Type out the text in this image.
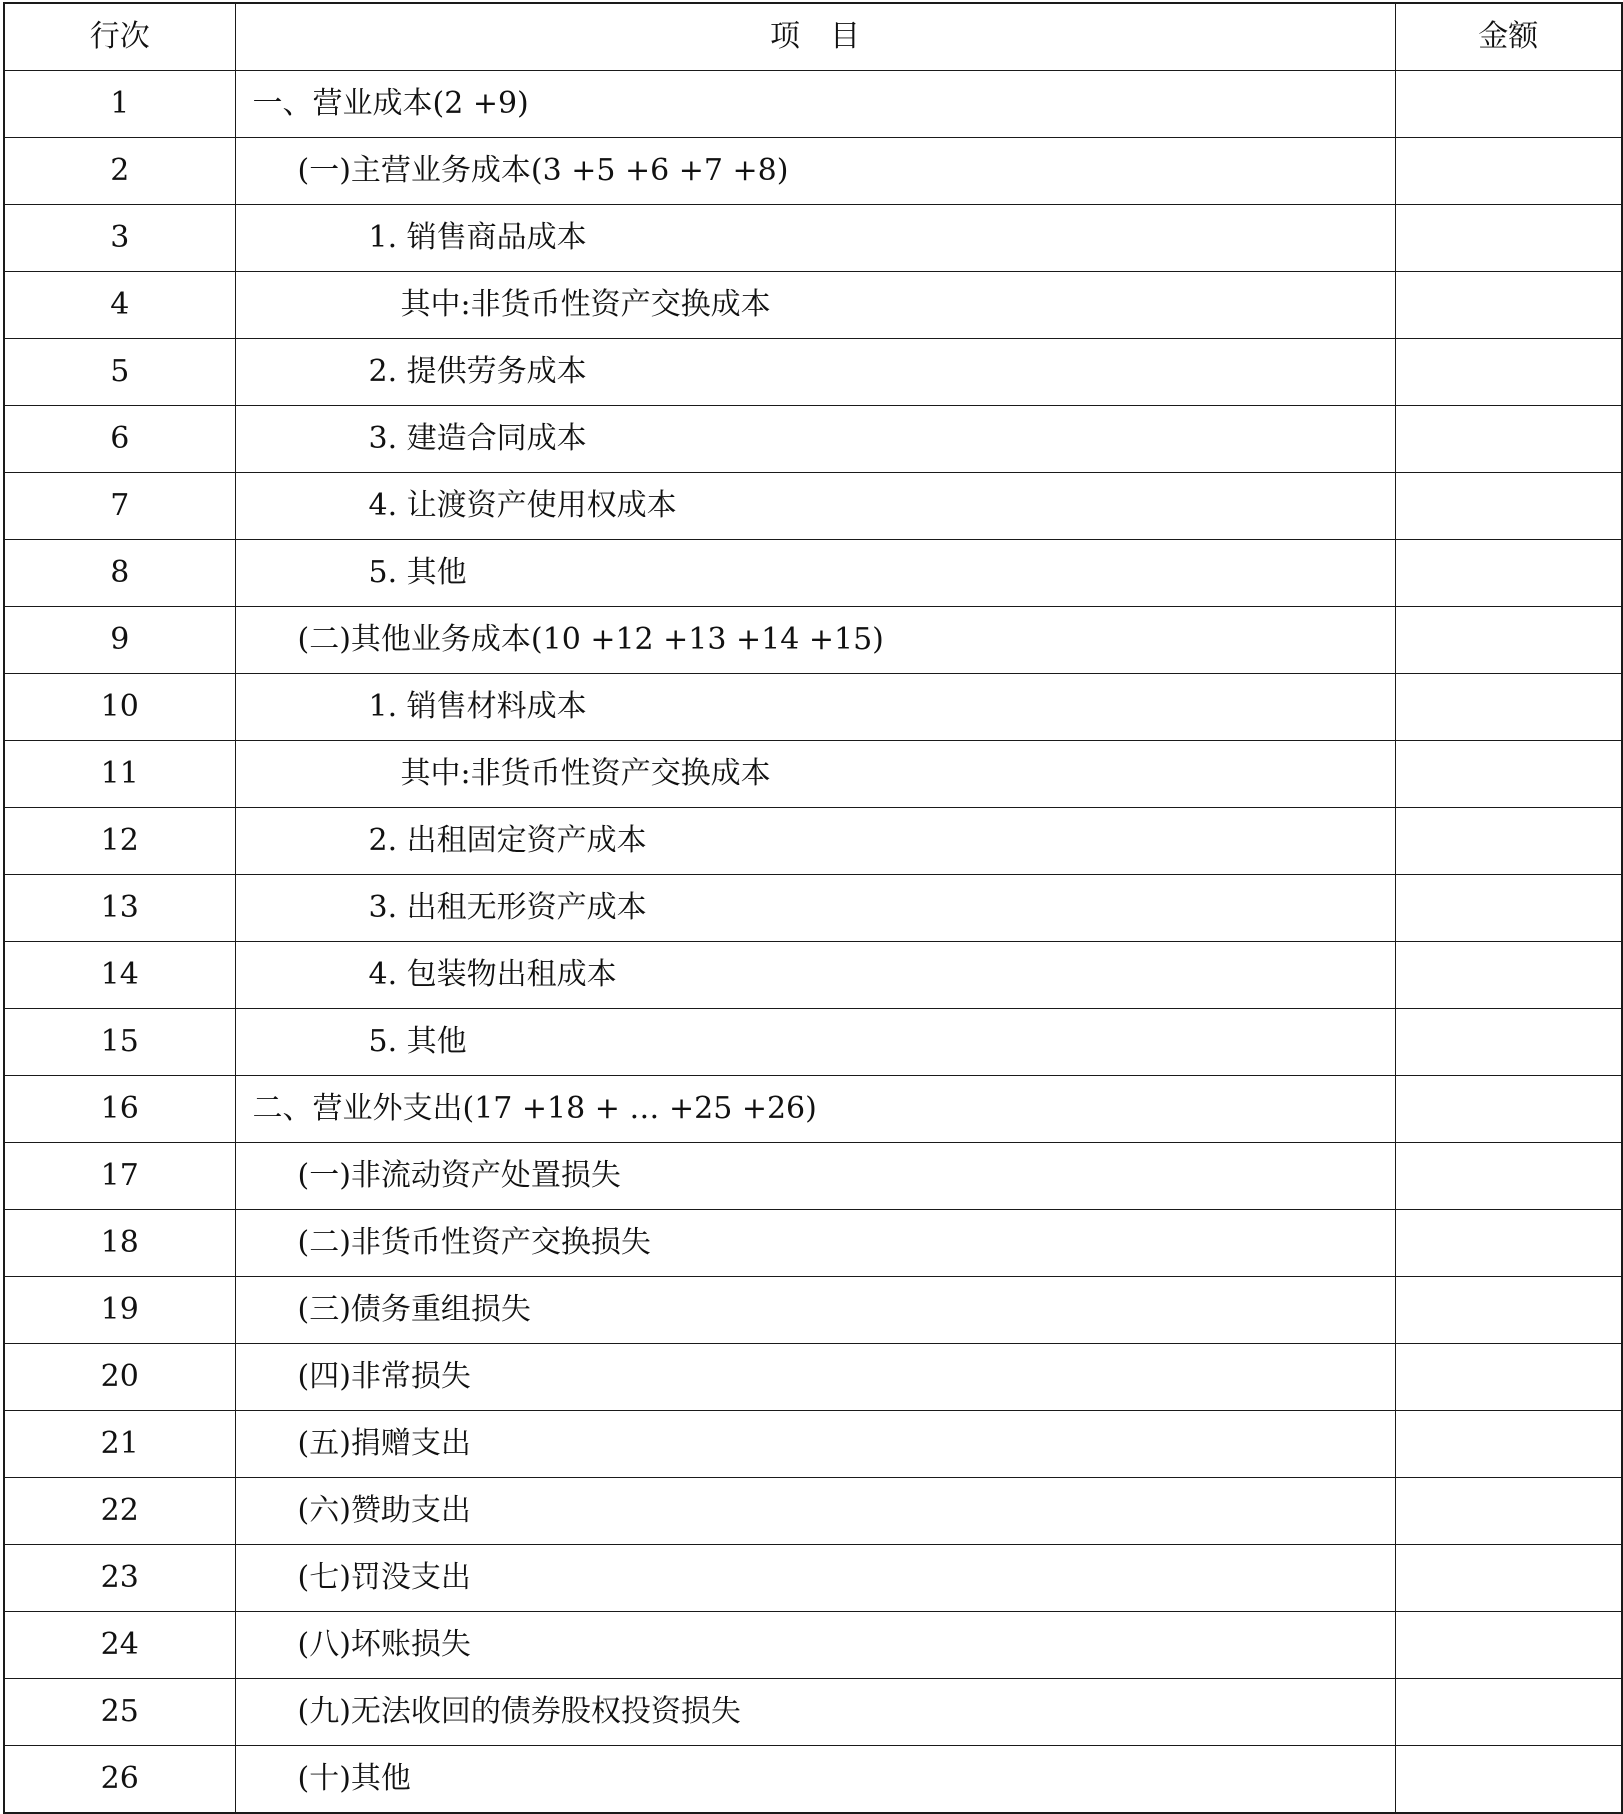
行次	项　目	金额
1	一、营业成本(2 +9)	
2	(一)主营业务成本(3 +5 +6 +7 +8)	
3	1. 销售商品成本	
4	其中:非货币性资产交换成本	
5	2. 提供劳务成本	
6	3. 建造合同成本	
7	4. 让渡资产使用权成本	
8	5. 其他	
9	(二)其他业务成本(10 +12 +13 +14 +15)	
10	1. 销售材料成本	
11	其中:非货币性资产交换成本	
12	2. 出租固定资产成本	
13	3. 出租无形资产成本	
14	4. 包装物出租成本	
15	5. 其他	
16	二、营业外支出(17 +18 + … +25 +26)	
17	(一)非流动资产处置损失	
18	(二)非货币性资产交换损失	
19	(三)债务重组损失	
20	(四)非常损失	
21	(五)捐赠支出	
22	(六)赞助支出	
23	(七)罚没支出	
24	(八)坏账损失	
25	(九)无法收回的债券股权投资损失	
26	(十)其他	
